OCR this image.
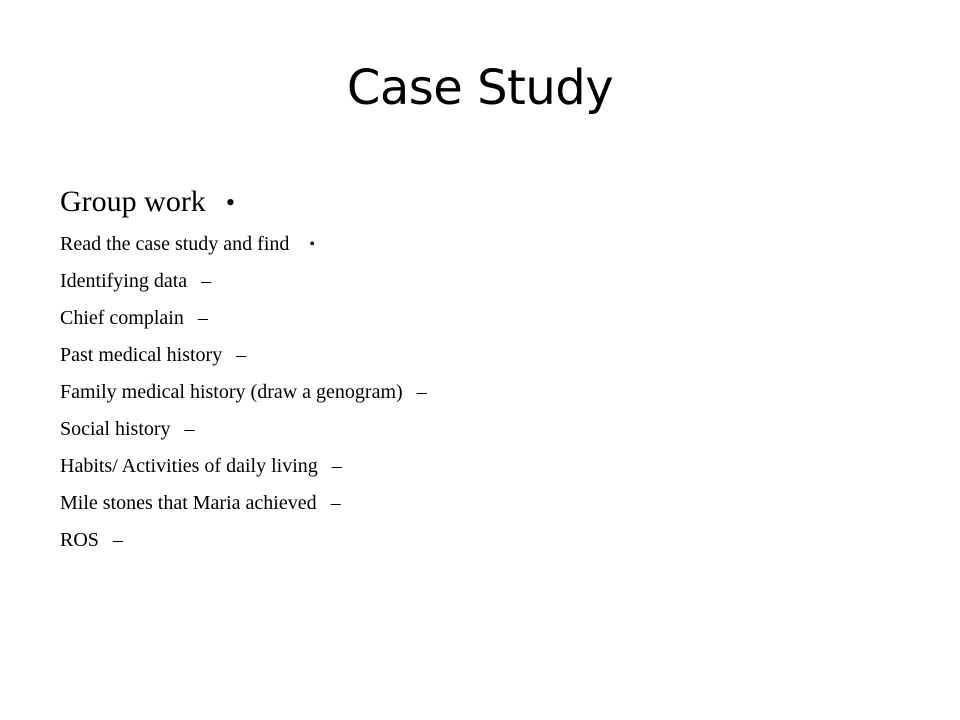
Case Study
Group work •
Read the case study and find •
Identifying data –
Chief complain –
Past medical history –
Family medical history (draw a genogram) –
Social history –
Habits/ Activities of daily living –
Mile stones that Maria achieved –
ROS –
